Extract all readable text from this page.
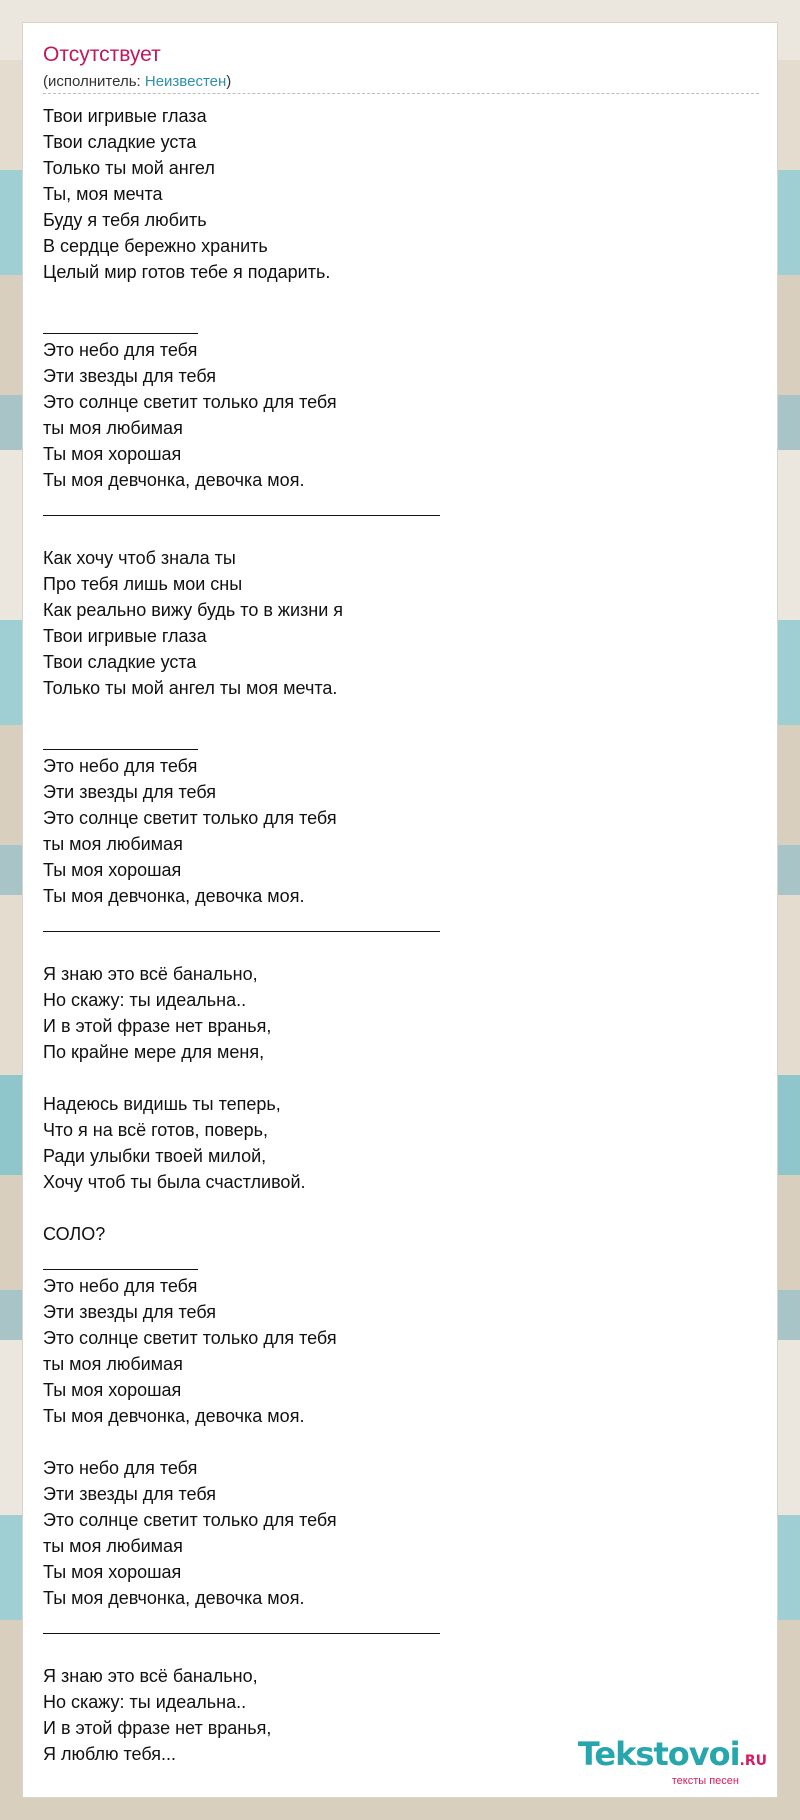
Отсутствует
(исполнитель: Неизвестен)
Твои игривые глаза
Твои сладкие уста
Только ты мой ангел
Ты, моя мечта
Буду я тебя любить
В сердце бережно хранить
Целый мир готов тебе я подарить.
Это небо для тебя
Эти звезды для тебя
Это солнце светит только для тебя
ты моя любимая
Ты моя хорошая
Ты моя девчонка, девочка моя.
Как хочу чтоб знала ты
Про тебя лишь мои сны
Как реально вижу будь то в жизни я
Твои игривые глаза
Твои сладкие уста
Только ты мой ангел ты моя мечта.
Это небо для тебя
Эти звезды для тебя
Это солнце светит только для тебя
ты моя любимая
Ты моя хорошая
Ты моя девчонка, девочка моя.
Я знаю это всё банально,
Но скажу: ты идеальна..
И в этой фразе нет вранья,
По крайне мере для меня,
Надеюсь видишь ты теперь,
Что я на всё готов, поверь,
Ради улыбки твоей милой,
Хочу чтоб ты была счастливой.
СОЛО?
Это небо для тебя
Эти звезды для тебя
Это солнце светит только для тебя
ты моя любимая
Ты моя хорошая
Ты моя девчонка, девочка моя.
Это небо для тебя
Эти звезды для тебя
Это солнце светит только для тебя
ты моя любимая
Ты моя хорошая
Ты моя девчонка, девочка моя.
Я знаю это всё банально,
Но скажу: ты идеальна..
И в этой фразе нет вранья,
Я люблю тебя...	Tekstovoi.RU
тексты песен
